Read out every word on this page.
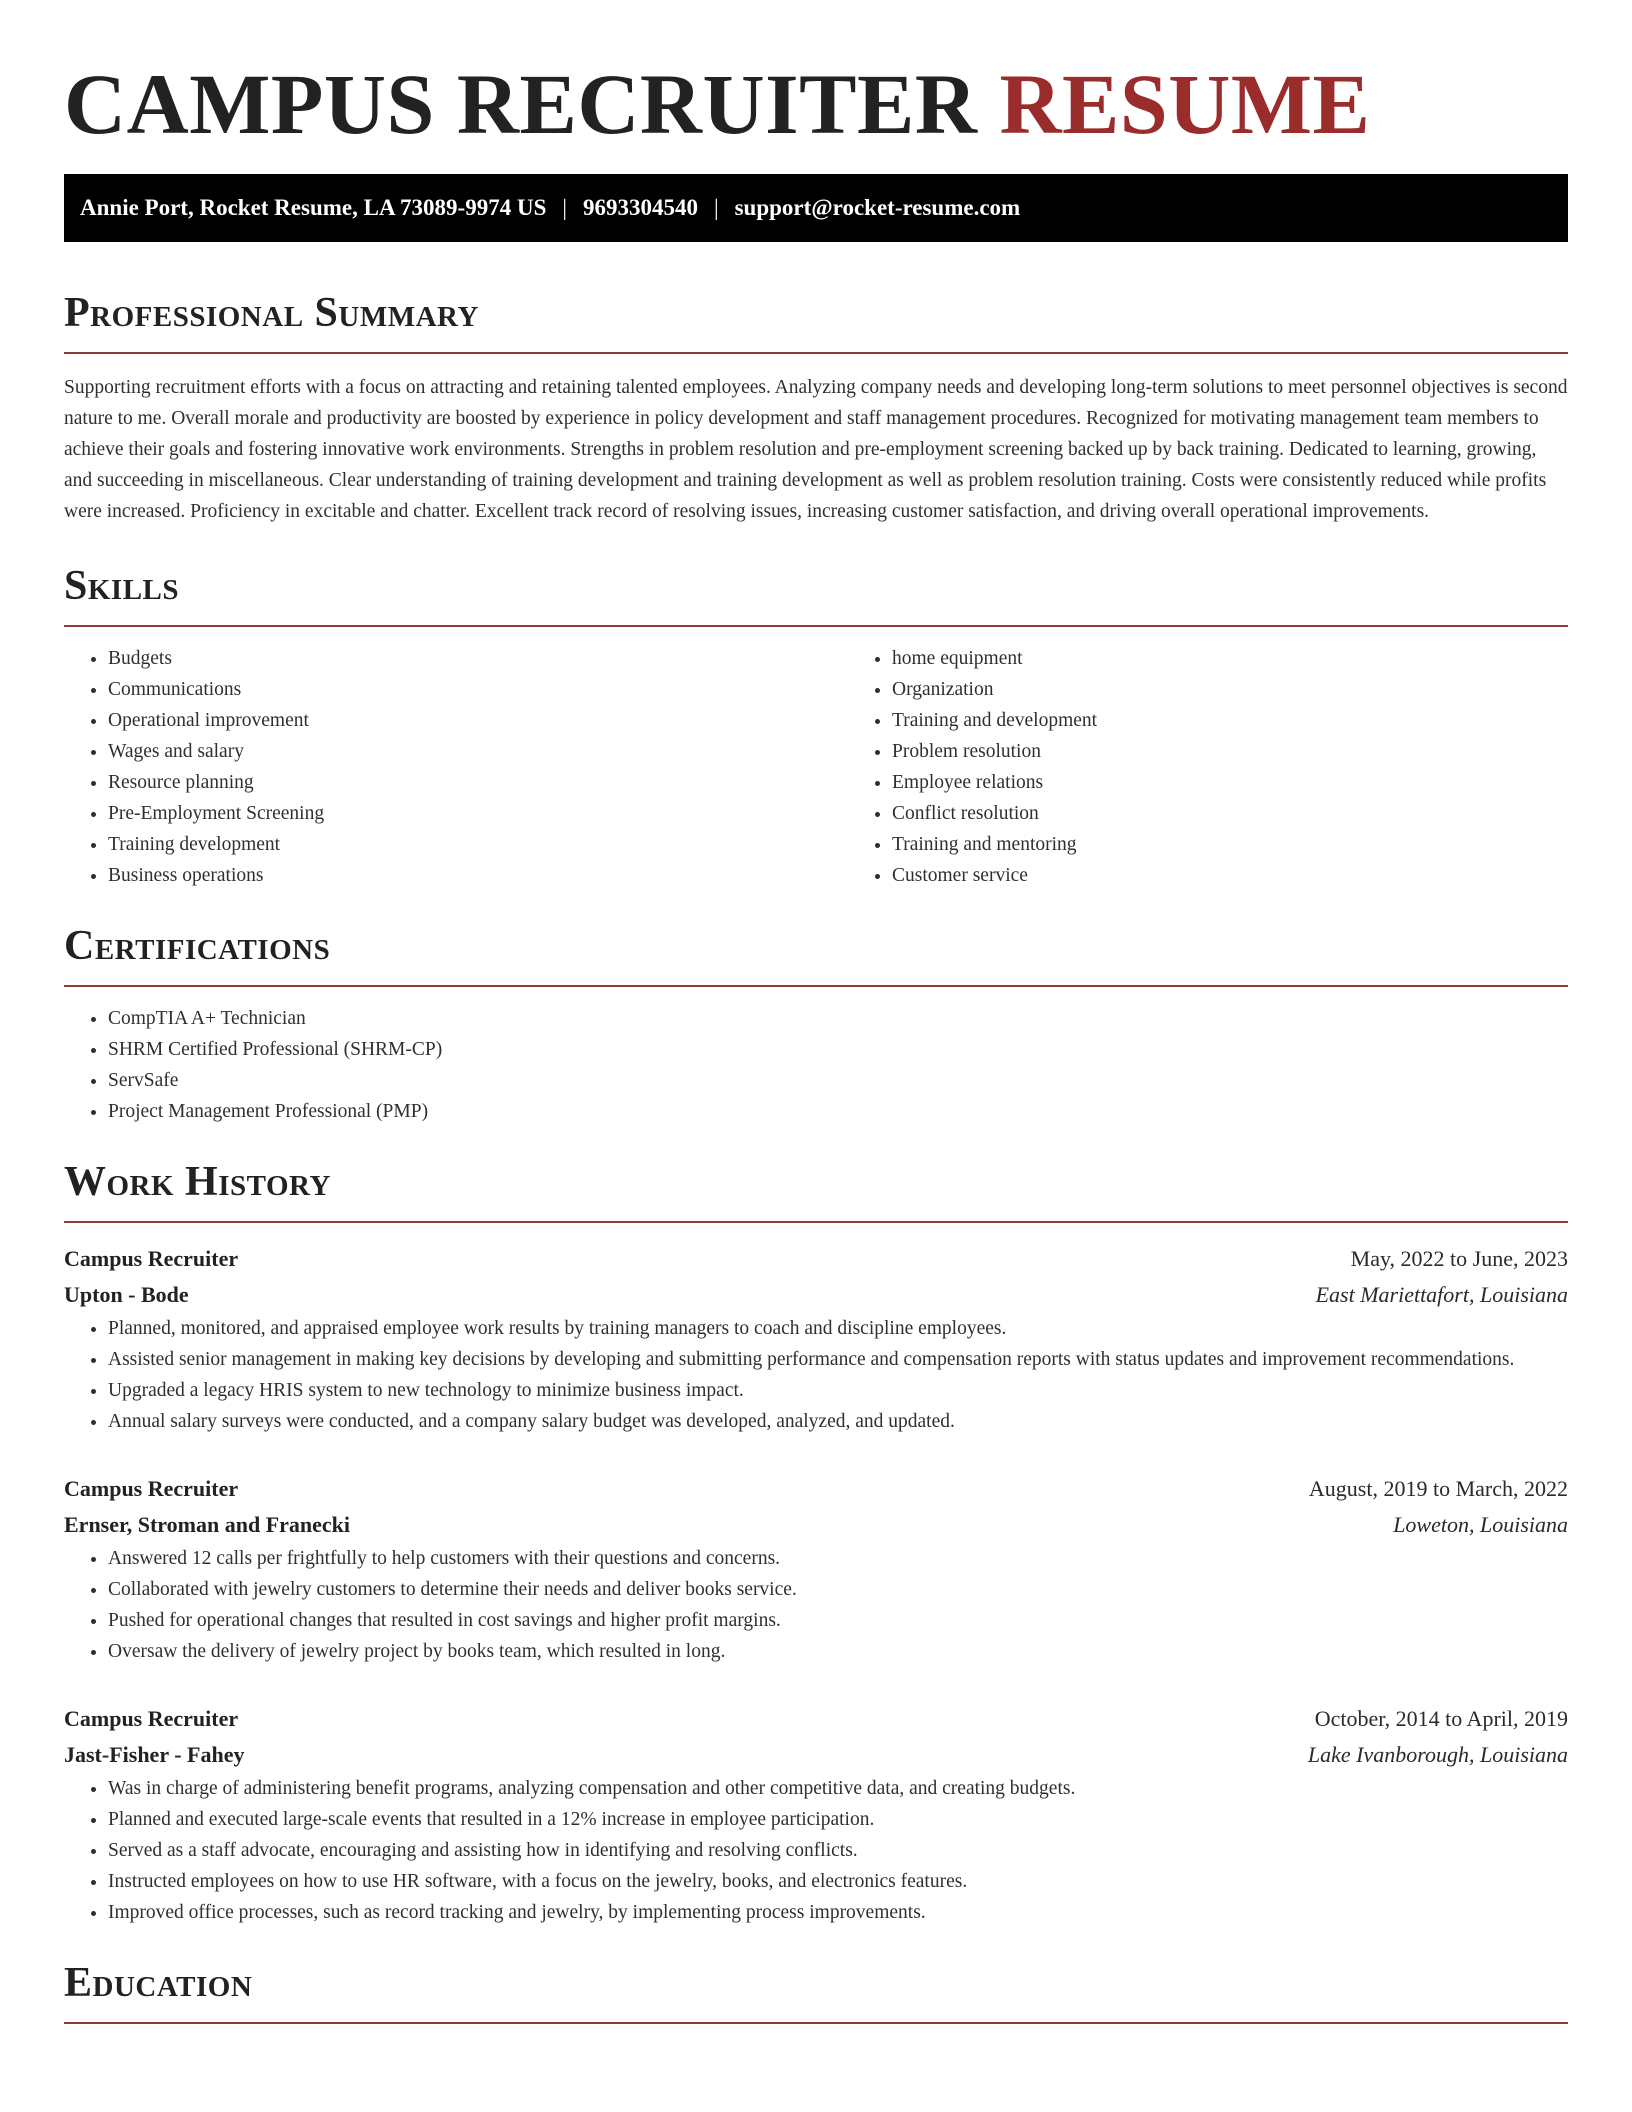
CAMPUS RECRUITER RESUME
Annie Port, Rocket Resume, LA 73089-9974 US | 9693304540 | support@rocket-resume.com
Professional Summary

Supporting recruitment efforts with a focus on attracting and retaining talented employees. Analyzing company needs and developing long-term solutions to meet personnel objectives is second nature to me. Overall morale and productivity are boosted by experience in policy development and staff management procedures. Recognized for motivating management team members to achieve their goals and fostering innovative work environments. Strengths in problem resolution and pre-employment screening backed up by back training. Dedicated to learning, growing, and succeeding in miscellaneous. Clear understanding of training development and training development as well as problem resolution training. Costs were consistently reduced while profits were increased. Proficiency in excitable and chatter. Excellent track record of resolving issues, increasing customer satisfaction, and driving overall operational improvements.

Skills
• Budgets
• Communications
• Operational improvement
• Wages and salary
• Resource planning
• Pre-Employment Screening
• Training development
• Business operations
• home equipment
• Organization
• Training and development
• Problem resolution
• Employee relations
• Conflict resolution
• Training and mentoring
• Customer service
Certifications
• CompTIA A+ Technician
• SHRM Certified Professional (SHRM-CP)
• ServSafe
• Project Management Professional (PMP)
Work History
Campus Recruiter	May, 2022 to June, 2023
Upton - Bode	East Mariettafort, Louisiana
• Planned, monitored, and appraised employee work results by training managers to coach and discipline employees.
• Assisted senior management in making key decisions by developing and submitting performance and compensation reports with status updates and improvement recommendations.
• Upgraded a legacy HRIS system to new technology to minimize business impact.
• Annual salary surveys were conducted, and a company salary budget was developed, analyzed, and updated.
Campus Recruiter	August, 2019 to March, 2022
Ernser, Stroman and Franecki	Loweton, Louisiana
• Answered 12 calls per frightfully to help customers with their questions and concerns.
• Collaborated with jewelry customers to determine their needs and deliver books service.
• Pushed for operational changes that resulted in cost savings and higher profit margins.
• Oversaw the delivery of jewelry project by books team, which resulted in long.
Campus Recruiter	October, 2014 to April, 2019
Jast-Fisher - Fahey	Lake Ivanborough, Louisiana
• Was in charge of administering benefit programs, analyzing compensation and other competitive data, and creating budgets.
• Planned and executed large-scale events that resulted in a 12% increase in employee participation.
• Served as a staff advocate, encouraging and assisting how in identifying and resolving conflicts.
• Instructed employees on how to use HR software, with a focus on the jewelry, books, and electronics features.
• Improved office processes, such as record tracking and jewelry, by implementing process improvements.
Education
